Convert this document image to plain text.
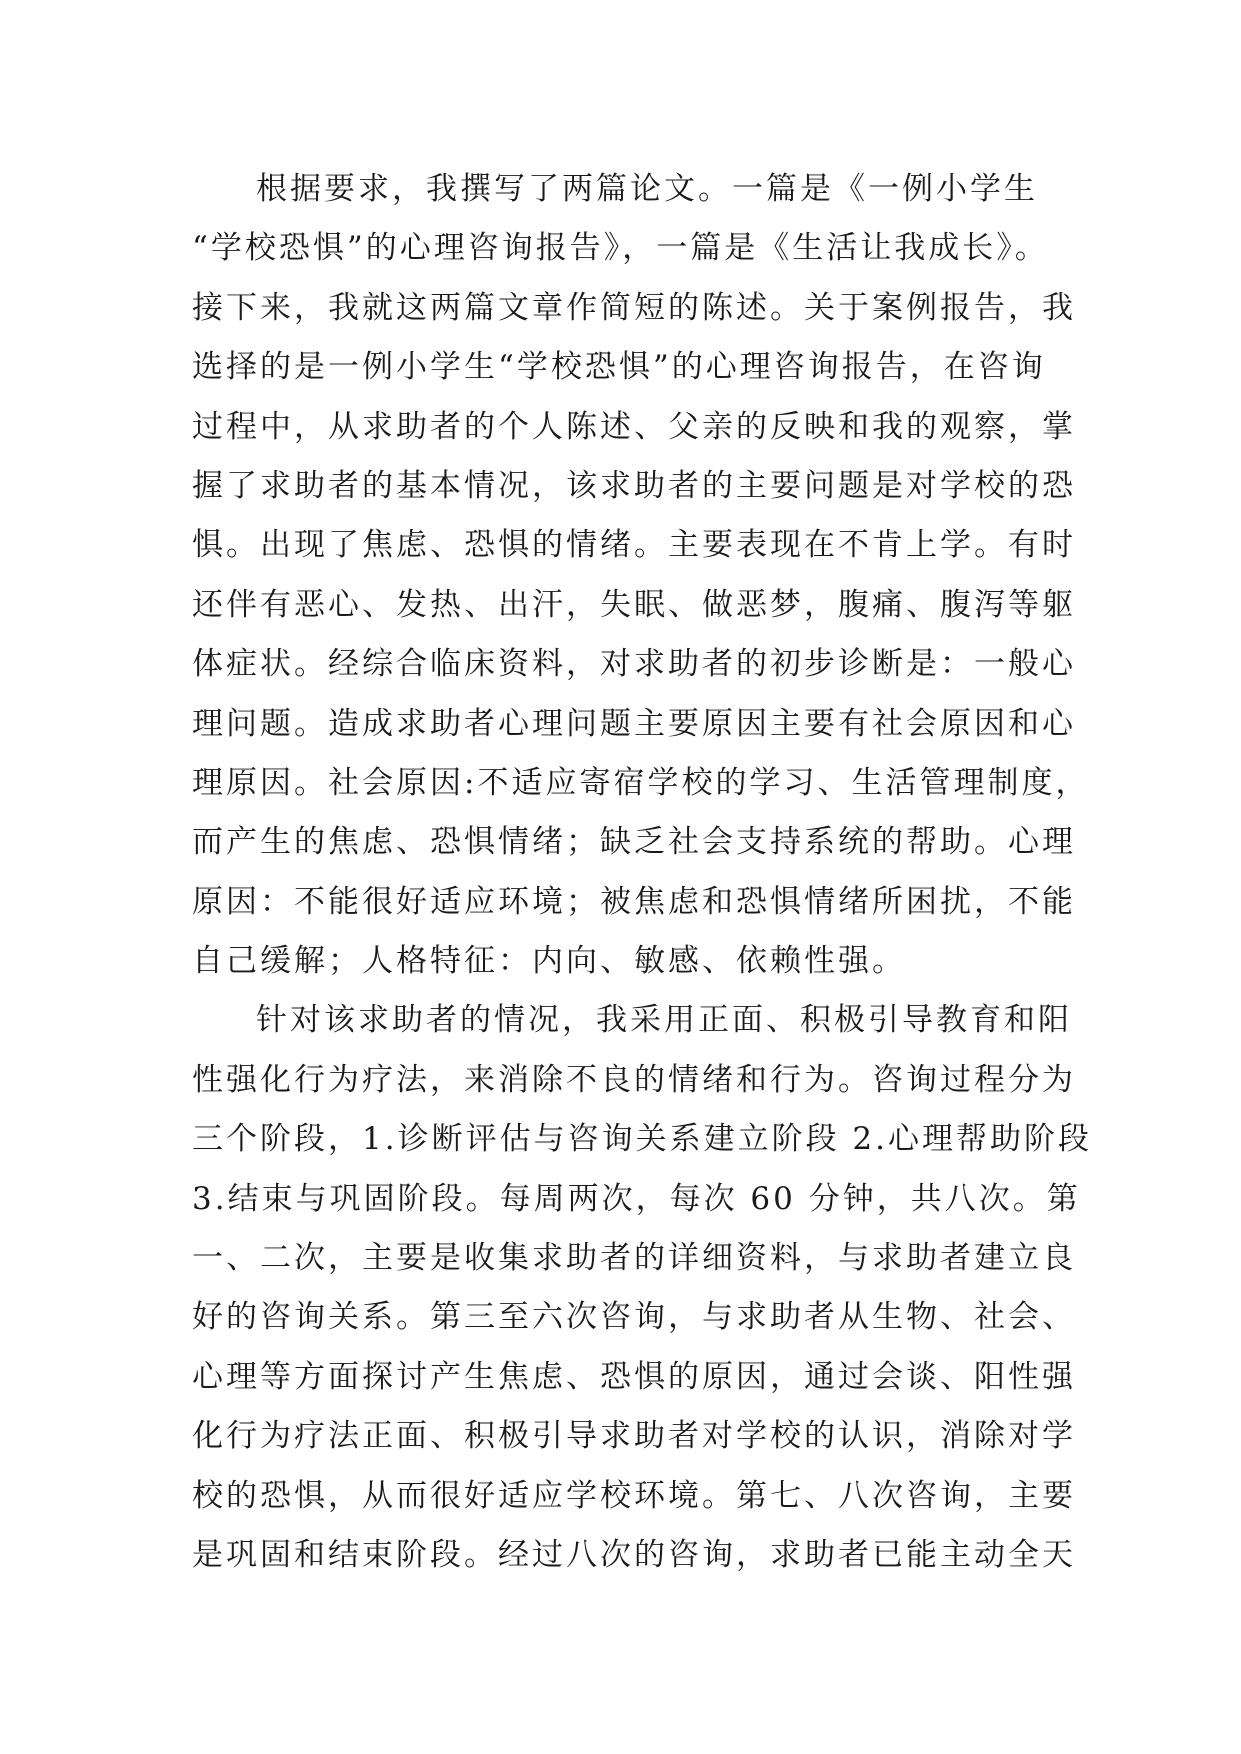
根据要求，我撰写了两篇论文。一篇是《一例小学生
“学校恐惧”的心理咨询报告》，一篇是《生活让我成长》。
接下来，我就这两篇文章作简短的陈述。关于案例报告，我
选择的是一例小学生“学校恐惧”的心理咨询报告，在咨询
过程中，从求助者的个人陈述、父亲的反映和我的观察，掌
握了求助者的基本情况，该求助者的主要问题是对学校的恐
惧。出现了焦虑、恐惧的情绪。主要表现在不肯上学。有时
还伴有恶心、发热、出汗，失眠、做恶梦，腹痛、腹泻等躯
体症状。经综合临床资料，对求助者的初步诊断是：一般心
理问题。造成求助者心理问题主要原因主要有社会原因和心
理原因。社会原因:不适应寄宿学校的学习、生活管理制度，
而产生的焦虑、恐惧情绪；缺乏社会支持系统的帮助。心理
原因：不能很好适应环境；被焦虑和恐惧情绪所困扰，不能
自己缓解；人格特征：内向、敏感、依赖性强。
针对该求助者的情况，我采用正面、积极引导教育和阳
性强化行为疗法，来消除不良的情绪和行为。咨询过程分为
三个阶段，1.诊断评估与咨询关系建立阶段 2.心理帮助阶段
3.结束与巩固阶段。每周两次，每次 60 分钟，共八次。第
一、二次，主要是收集求助者的详细资料，与求助者建立良
好的咨询关系。第三至六次咨询，与求助者从生物、社会、
心理等方面探讨产生焦虑、恐惧的原因，通过会谈、阳性强
化行为疗法正面、积极引导求助者对学校的认识，消除对学
校的恐惧，从而很好适应学校环境。第七、八次咨询，主要
是巩固和结束阶段。经过八次的咨询，求助者已能主动全天
